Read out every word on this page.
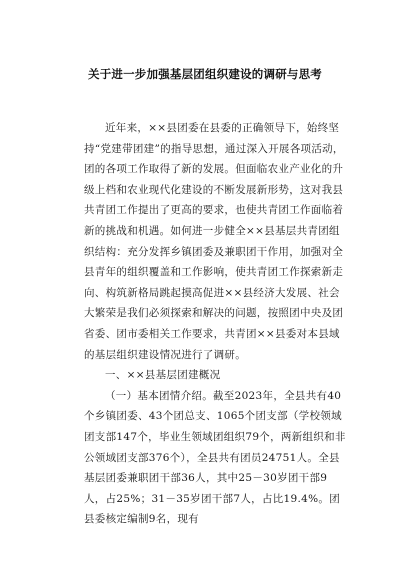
关于进一步加强基层团组织建设的调研与思考

近年来，××县团委在县委的正确领导下，始终坚持“党建带团建”的指导思想，通过深入开展各项活动，团的各项工作取得了新的发展。但面临农业产业化的升级上档和农业现代化建设的不断发展新形势，这对我县共青团工作提出了更高的要求，也使共青团工作面临着新的挑战和机遇。如何进一步健全××县基层共青团组织结构：充分发挥乡镇团委及兼职团干作用，加强对全县青年的组织覆盖和工作影响，使共青团工作探索新走向、构筑新格局跳起摸高促进××县经济大发展、社会大繁荣是我们必须探索和解决的问题，按照团中央及团省委、团市委相关工作要求，共青团××县委对本县域的基层组织建设情况进行了调研。

一、××县基层团建概况

（一）基本团情介绍。截至2023年，全县共有40个乡镇团委、43个团总支、1065个团支部（学校领域团支部147个，毕业生领域团组织79个，两新组织和非公领域团支部376个），全县共有团员24751人。全县基层团委兼职团干部36人，其中25－30岁团干部9人，占25%；31－35岁团干部7人，占比19.4%。团县委核定编制9名，现有
